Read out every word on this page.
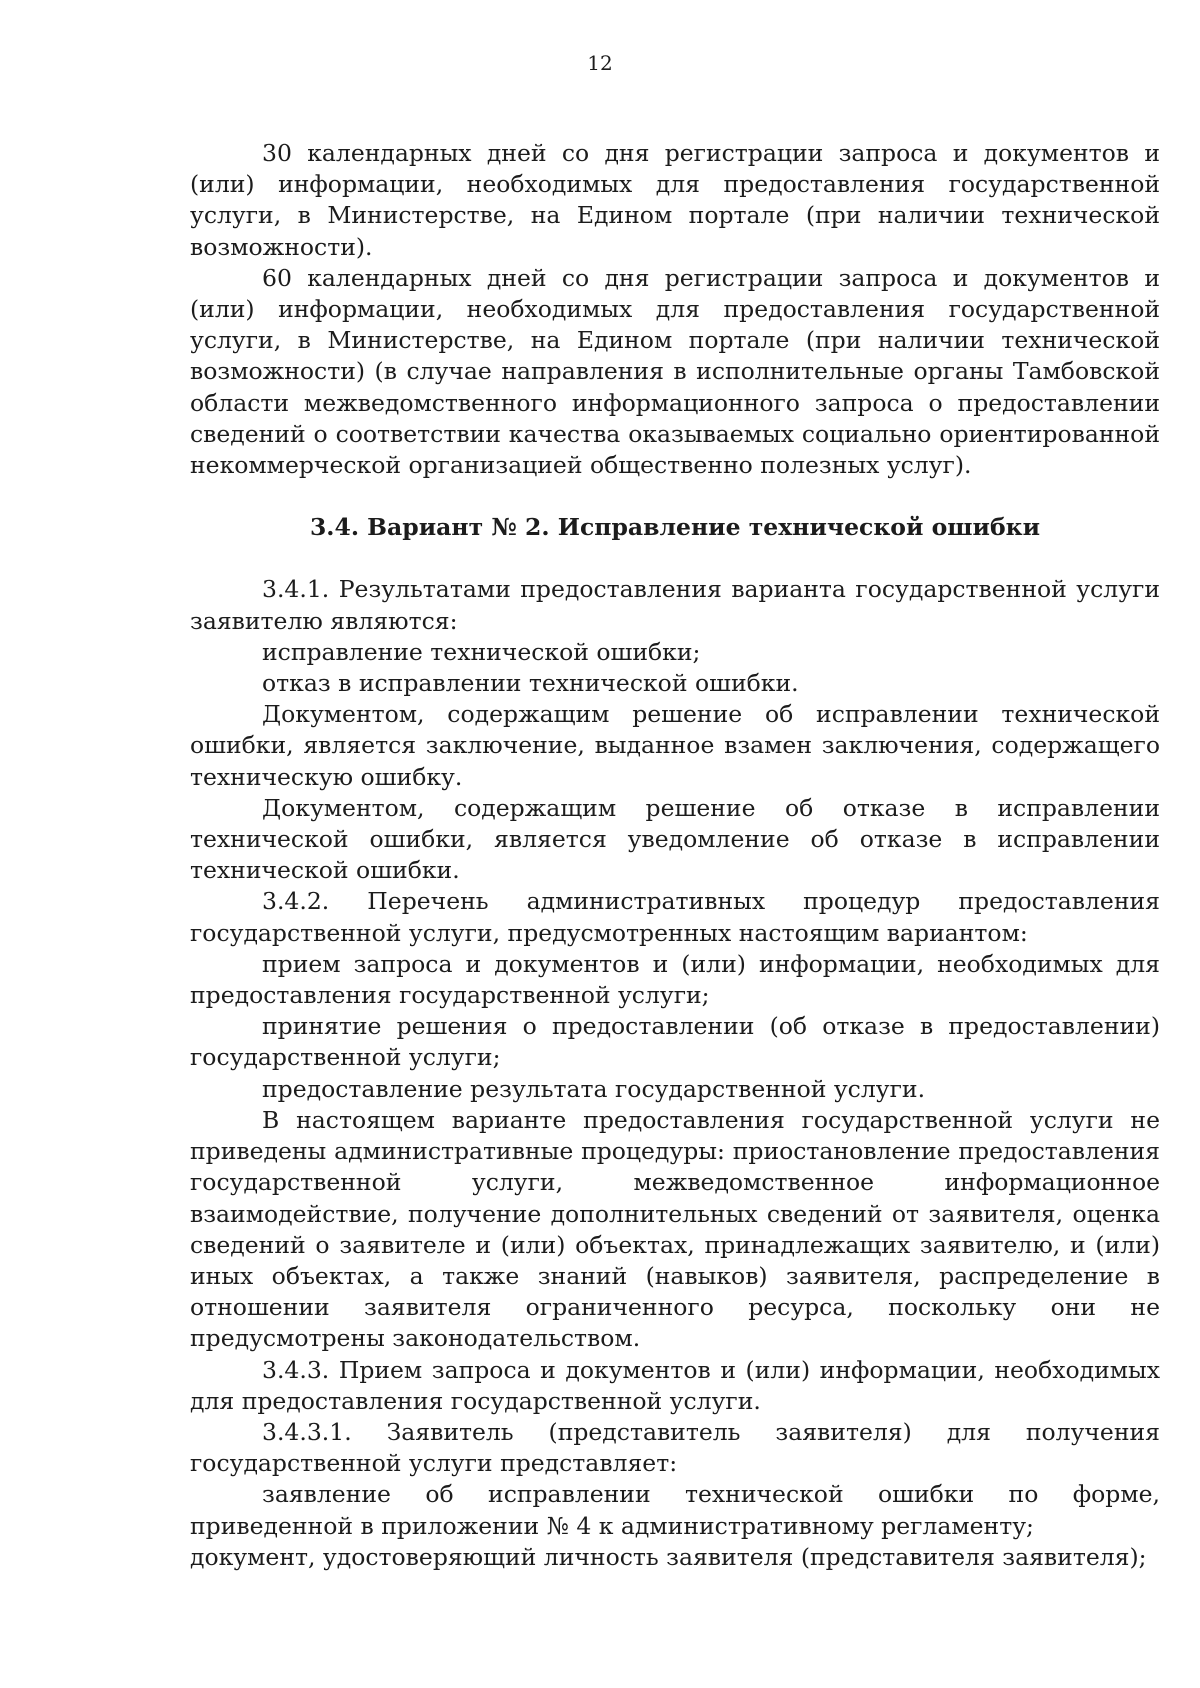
12

30 календарных дней со дня регистрации запроса и документов и (или) информации, необходимых для предоставления государственной услуги, в Министерстве, на Едином портале (при наличии технической возможности).

60 календарных дней со дня регистрации запроса и документов и (или) информации, необходимых для предоставления государственной услуги, в Министерстве, на Едином портале (при наличии технической возможности) (в случае направления в исполнительные органы Тамбовской области межведомственного информационного запроса о предоставлении сведений о соответствии качества оказываемых социально ориентированной некоммерческой организацией общественно полезных услуг).

3.4. Вариант № 2. Исправление технической ошибки

3.4.1. Результатами предоставления варианта государственной услуги заявителю являются:

исправление технической ошибки;

отказ в исправлении технической ошибки.

Документом, содержащим решение об исправлении технической ошибки, является заключение, выданное взамен заключения, содержащего техническую ошибку.

Документом, содержащим решение об отказе в исправлении технической ошибки, является уведомление об отказе в исправлении технической ошибки.

3.4.2. Перечень административных процедур предоставления государственной услуги, предусмотренных настоящим вариантом:

прием запроса и документов и (или) информации, необходимых для предоставления государственной услуги;

принятие решения о предоставлении (об отказе в предоставлении) государственной услуги;

предоставление результата государственной услуги.

В настоящем варианте предоставления государственной услуги не приведены административные процедуры: приостановление предоставления государственной услуги, межведомственное информационное взаимодействие, получение дополнительных сведений от заявителя, оценка сведений о заявителе и (или) объектах, принадлежащих заявителю, и (или) иных объектах, а также знаний (навыков) заявителя, распределение в отношении заявителя ограниченного ресурса, поскольку они не предусмотрены законодательством.

3.4.3. Прием запроса и документов и (или) информации, необходимых для предоставления государственной услуги.

3.4.3.1. Заявитель (представитель заявителя) для получения государственной услуги представляет:

заявление об исправлении технической ошибки по форме, приведенной в приложении № 4 к административному регламенту;

документ, удостоверяющий личность заявителя (представителя заявителя);
